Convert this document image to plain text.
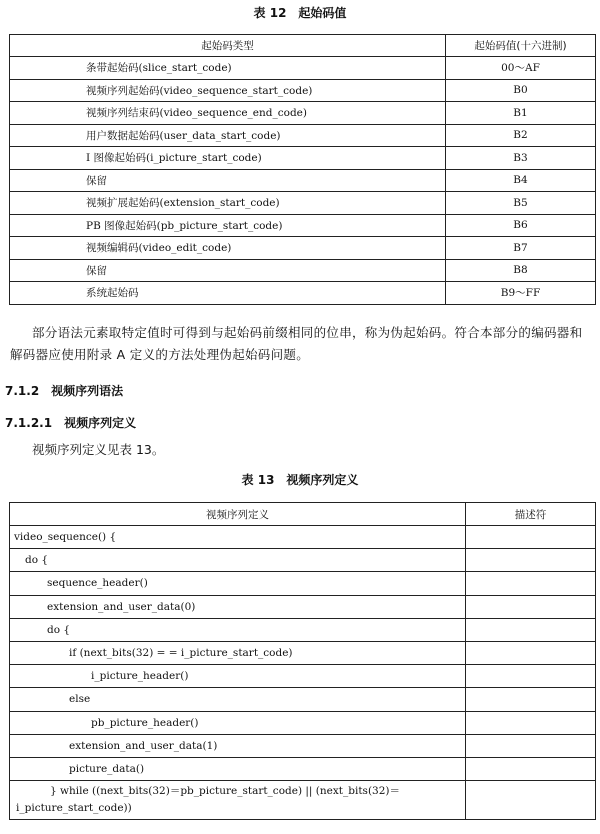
表 12　起始码值
起始码类型	起始码值(十六进制)
条带起始码(slice_start_code)	00～AF
视频序列起始码(video_sequence_start_code)	B0
视频序列结束码(video_sequence_end_code)	B1
用户数据起始码(user_data_start_code)	B2
I 图像起始码(i_picture_start_code)	B3
保留	B4
视频扩展起始码(extension_start_code)	B5
PB 图像起始码(pb_picture_start_code)	B6
视频编辑码(video_edit_code)	B7
保留	B8
系统起始码	B9～FF
部分语法元素取特定值时可得到与起始码前缀相同的位串，称为伪起始码。符合本部分的编码器和解码器应使用附录 A 定义的方法处理伪起始码问题。
7.1.2　视频序列语法
7.1.2.1　视频序列定义
视频序列定义见表 13。
表 13　视频序列定义
视频序列定义	描述符
video_sequence() {	
do {	
sequence_header()	
extension_and_user_data(0)	
do {	
if (next_bits(32) = = i_picture_start_code)	
i_picture_header()	
else	
pb_picture_header()	
extension_and_user_data(1)	
picture_data()	
} while ((next_bits(32)＝pb_picture_start_code) || (next_bits(32)＝i_picture_start_code))	
